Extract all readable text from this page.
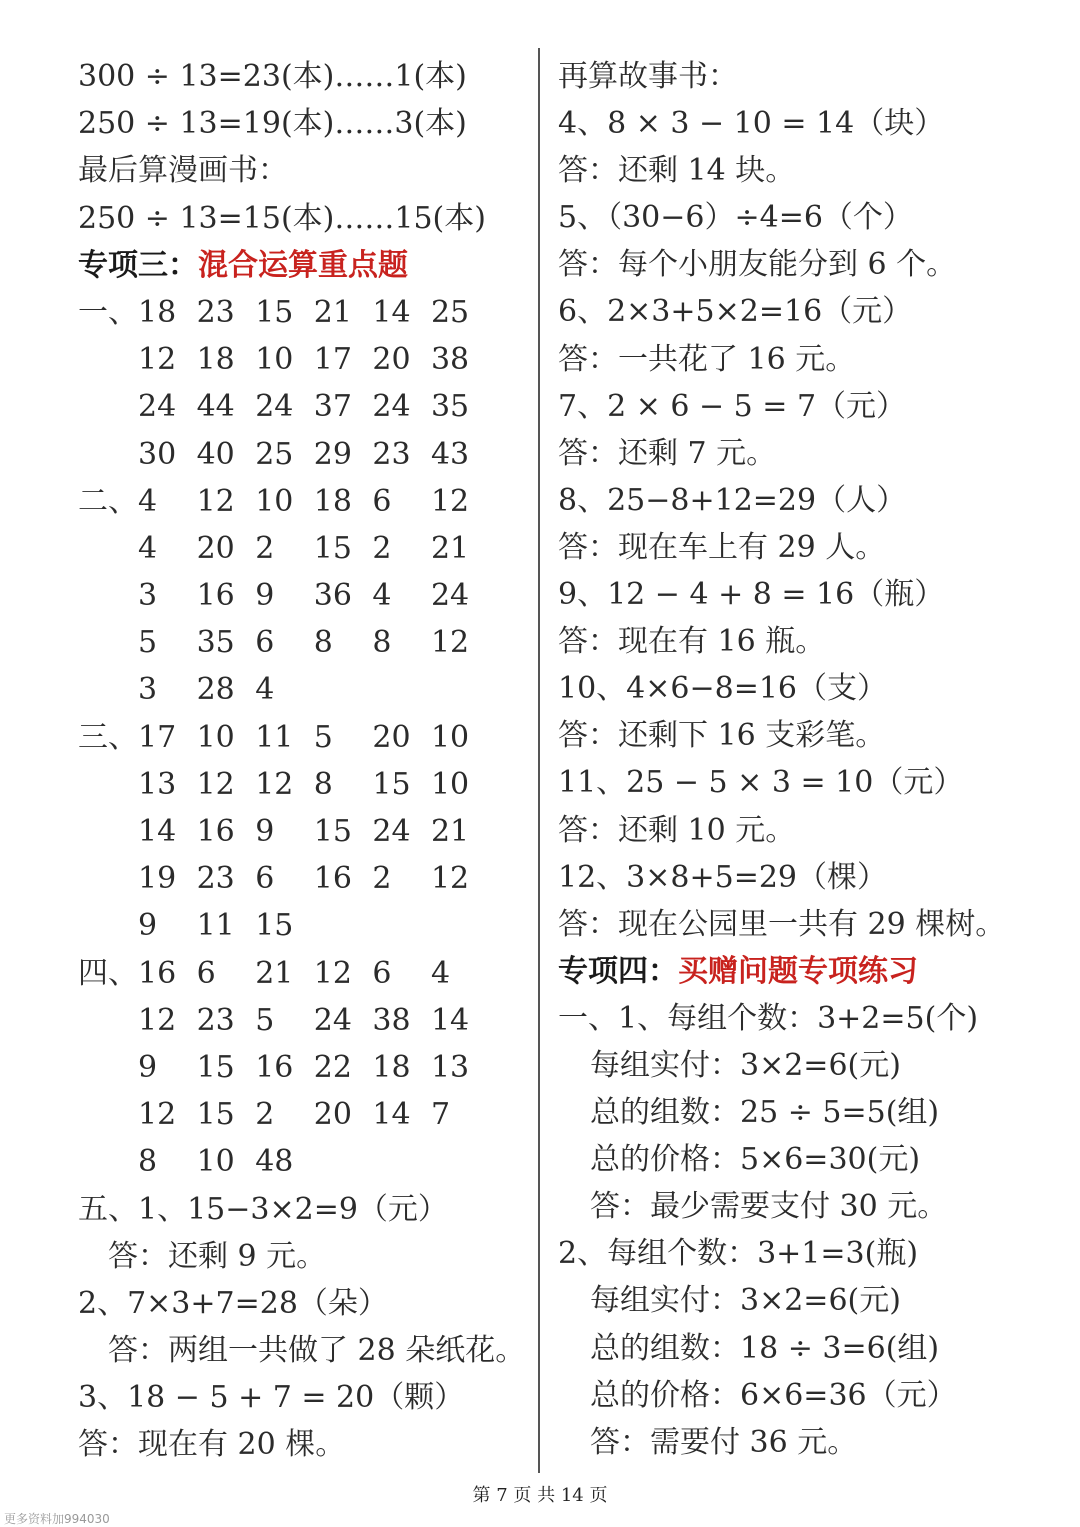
300 ÷ 13=23(本)……1(本)
250 ÷ 13=19(本)……3(本)
最后算漫画书：
250 ÷ 13=15(本)……15(本)
专项三：混合运算重点题
一、18 23 15 21 14 25
12 18 10 17 20 38
24 44 24 37 24 35
30 40 25 29 23 43
二、4 12 10 18 6 12
4 20 2 15 2 21
3 16 9 36 4 24
5 35 6 8 8 12
3 28 4
三、17 10 11 5 20 10
13 12 12 8 15 10
14 16 9 15 24 21
19 23 6 16 2 12
9 11 15
四、16 6 21 12 6 4
12 23 5 24 38 14
9 15 16 22 18 13
12 15 2 20 14 7
8 10 48
五、1、15−3×2=9（元）
答：还剩 9 元。
2、7×3+7=28（朵）
答：两组一共做了 28 朵纸花。
3、18 − 5 + 7 = 20（颗）
答：现在有 20 棵。
再算故事书：
4、8 × 3 − 10 = 14（块）
答：还剩 14 块。
5、（30−6）÷4=6（个）
答：每个小朋友能分到 6 个。
6、2×3+5×2=16（元）
答：一共花了 16 元。
7、2 × 6 − 5 = 7（元）
答：还剩 7 元。
8、25−8+12=29（人）
答：现在车上有 29 人。
9、12 − 4 + 8 = 16（瓶）
答：现在有 16 瓶。
10、4×6−8=16（支）
答：还剩下 16 支彩笔。
11、25 − 5 × 3 = 10（元）
答：还剩 10 元。
12、3×8+5=29（棵）
答：现在公园里一共有 29 棵树。
专项四：买赠问题专项练习
一、1、每组个数：3+2=5(个)
每组实付：3×2=6(元)
总的组数：25 ÷ 5=5(组)
总的价格：5×6=30(元)
答：最少需要支付 30 元。
2、每组个数：3+1=3(瓶)
每组实付：3×2=6(元)
总的组数：18 ÷ 3=6(组)
总的价格：6×6=36（元）
答：需要付 36 元。
第 7 页 共 14 页
更多资料加994030
